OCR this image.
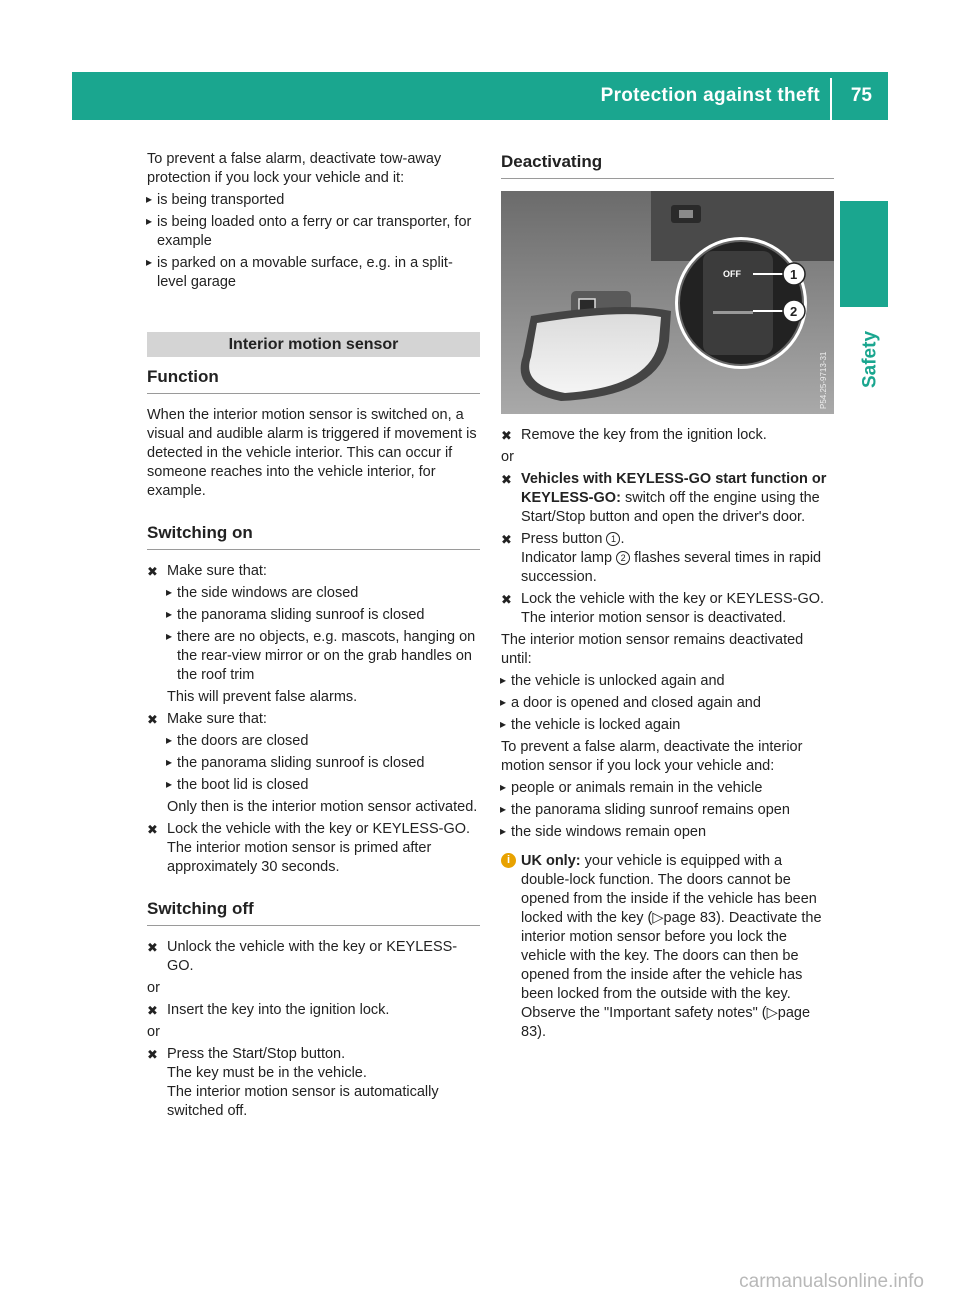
Protection against theft 75
Safety

To prevent a false alarm, deactivate tow-away protection if you lock your vehicle and it:

▸ is being transported
▸ is being loaded onto a ferry or car transporter, for example
▸ is parked on a movable surface, e.g. in a split-level garage
Interior motion sensor
Function

When the interior motion sensor is switched on, a visual and audible alarm is triggered if movement is detected in the vehicle interior. This can occur if someone reaches into the vehicle interior, for example.

Switching on
✖ Make sure that:
▸ the side windows are closed
▸ the panorama sliding sunroof is closed
▸ there are no objects, e.g. mascots, hanging on the rear-view mirror or on the grab handles on the roof trim
This will prevent false alarms.
✖ Make sure that:
▸ the doors are closed
▸ the panorama sliding sunroof is closed
▸ the boot lid is closed
Only then is the interior motion sensor activated.
✖ Lock the vehicle with the key or KEYLESS-GO.
The interior motion sensor is primed after approximately 30 seconds.
Switching off
✖ Unlock the vehicle with the key or KEYLESS-GO.

or

✖ Insert the key into the ignition lock.

or

✖ Press the Start/Stop button.
The key must be in the vehicle.
The interior motion sensor is automatically switched off.
Deactivating
OFF	1
2
P54.25-9713-31
✖ Remove the key from the ignition lock.

or

✖ Vehicles with KEYLESS-GO start function or KEYLESS-GO: switch off the engine using the Start/Stop button and open the driver's door.
✖ Press button 1 .
Indicator lamp 2 flashes several times in rapid succession.
✖ Lock the vehicle with the key or KEYLESS-GO.
The interior motion sensor is deactivated.

The interior motion sensor remains deactivated until:

▸ the vehicle is unlocked again and
▸ a door is opened and closed again and
▸ the vehicle is locked again

To prevent a false alarm, deactivate the interior motion sensor if you lock your vehicle and:

▸ people or animals remain in the vehicle
▸ the panorama sliding sunroof remains open
▸ the side windows remain open
i UK only: your vehicle is equipped with a double-lock function. The doors cannot be opened from the inside if the vehicle has been locked with the key (▷page 83). Deactivate the interior motion sensor before you lock the vehicle with the key. The doors can then be opened from the inside after the vehicle has been locked from the outside with the key. Observe the "Important safety notes" (▷page 83).
carmanualsonline.info
